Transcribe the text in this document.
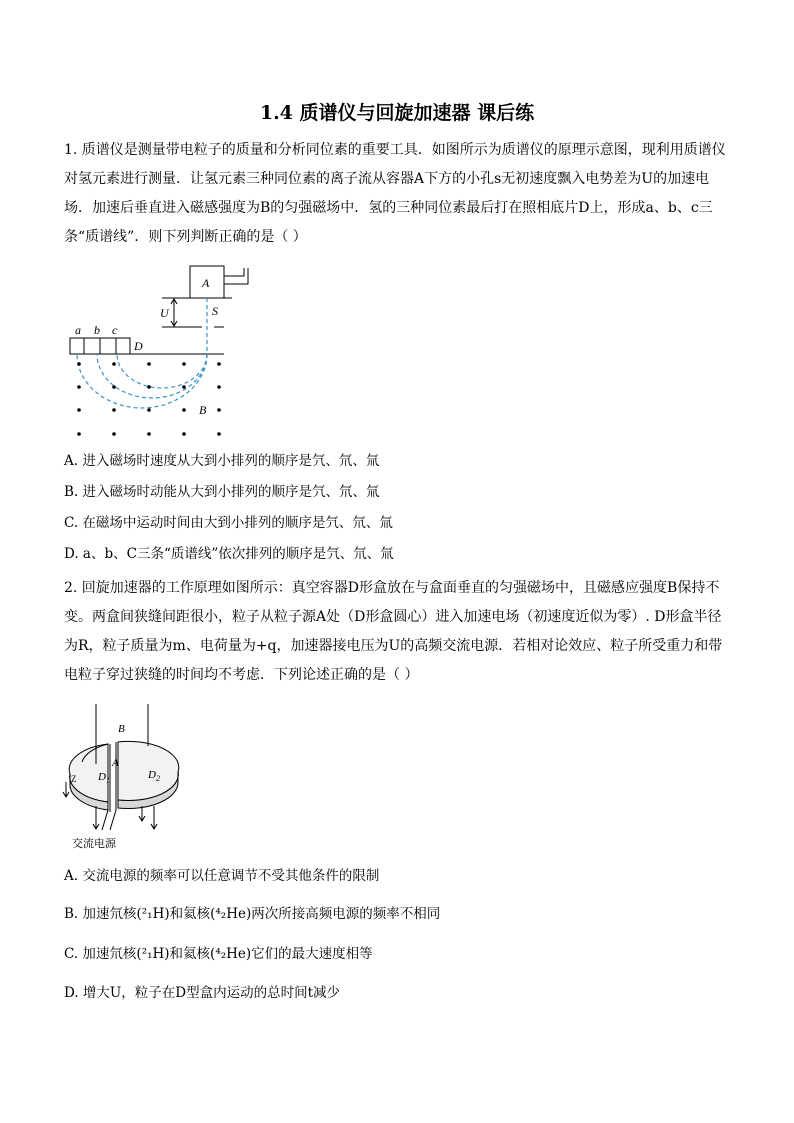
1.4 质谱仪与回旋加速器 课后练
1. 质谱仪是测量带电粒子的质量和分析同位素的重要工具．如图所示为质谱仪的原理示意图，现利用质谱仪对氢元素进行测量．让氢元素三种同位素的离子流从容器A下方的小孔s无初速度飘入电势差为U的加速电场．加速后垂直进入磁感强度为B的匀强磁场中．氢的三种同位素最后打在照相底片D上，形成a、b、c三条“质谱线”．则下列判断正确的是（ ）
A
U	S
a b c
D
B
A. 进入磁场时速度从大到小排列的顺序是氕、氘、氚
B. 进入磁场时动能从大到小排列的顺序是氕、氘、氚
C. 在磁场中运动时间由大到小排列的顺序是氕、氘、氚
D. a、b、C三条“质谱线”依次排列的顺序是氕、氘、氚
2. 回旋加速器的工作原理如图所示：真空容器D形盒放在与盒面垂直的匀强磁场中，且磁感应强度B保持不变。两盒间狭缝间距很小，粒子从粒子源A处（D形盒圆心）进入加速电场（初速度近似为零）. D形盒半径为R，粒子质量为m、电荷量为+q，加速器接电压为U的高频交流电源．若相对论效应、粒子所受重力和带电粒子穿过狭缝的时间均不考虑．下列论述正确的是（ ）
B
A
$D_1$	$D_2$
Z
交流电源
A. 交流电源的频率可以任意调节不受其他条件的限制
B. 加速氘核(²₁H)和氦核(⁴₂He)两次所接高频电源的频率不相同
C. 加速氘核(²₁H)和氦核(⁴₂He)它们的最大速度相等
D. 增大U，粒子在D型盒内运动的总时间t减少
